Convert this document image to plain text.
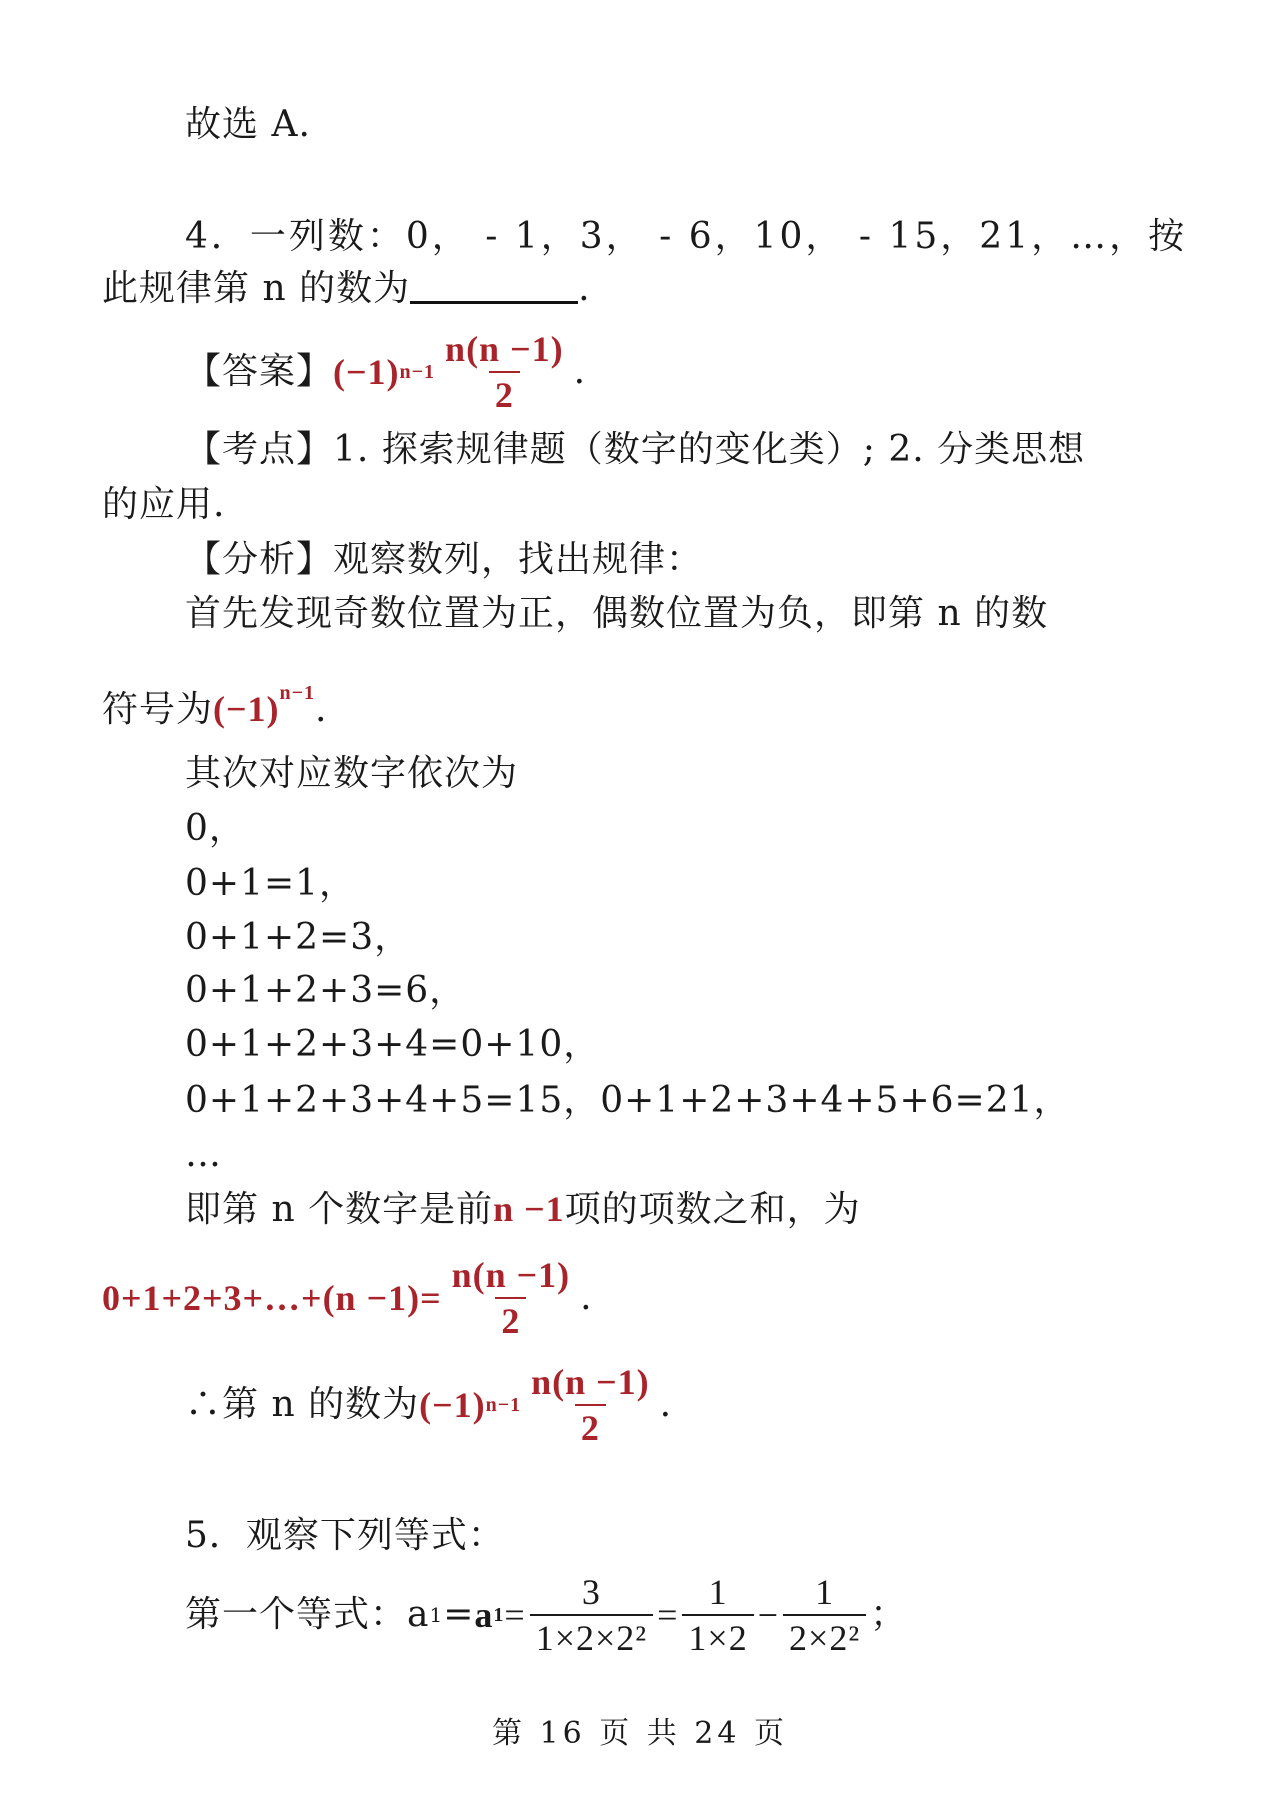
故选 A.
4．一列数：0， - 1，3， - 6，10， - 15，21，…，按
此规律第 n 的数为	.
【答案】 (−1) $n-1 \frac{n(n -1)}{2}$ .
【考点】1. 探索规律题（数字的变化类）; 2. 分类思想
的应用.
【分析】观察数列，找出规律：
首先发现奇数位置为正，偶数位置为负，即第 n 的数
符号为$(-1)^{n-1}$.
其次对应数字依次为
0，
0+1=1，
0+1+2=3，
0+1+2+3=6，
0+1+2+3+4=0+10，
0+1+2+3+4+5=15，0+1+2+3+4+5+6=21，
…
即第 n 个数字是前n −1项的项数之和，为
0+1+2+3+…+(n $-1)= \frac{n(n -1)}{2}$ .
∴第 n 的数为 (−1) $n-1 \frac{n(n -1)}{2}$ .
5．观察下列等式：
第一个等式：a 1 = a $1 = \frac{3}{\text{1×2×2²}} = \frac{1}{1\times 2} - \frac{1}{\text{2×2²}}$ ；
第 16 页 共 24 页
